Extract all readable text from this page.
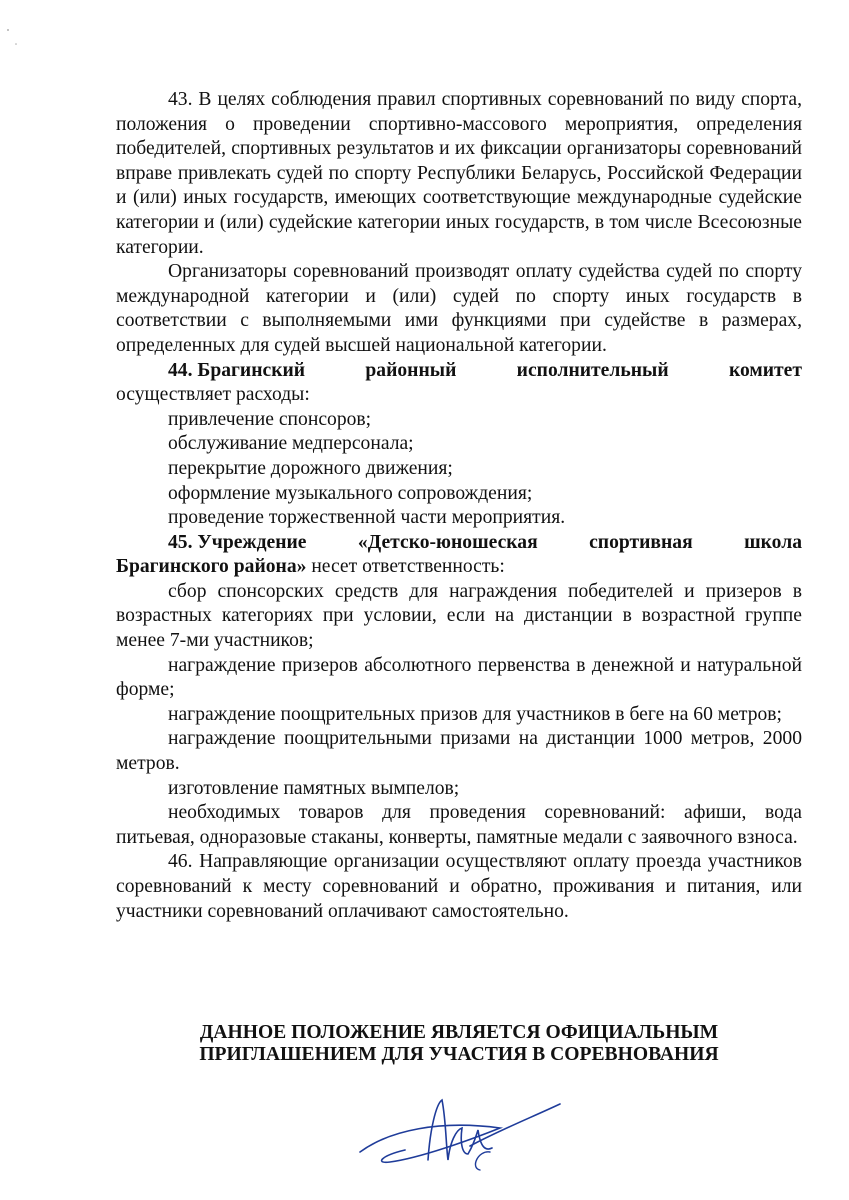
43. В целях соблюдения правил спортивных соревнований по виду спорта, положения о проведении спортивно-массового мероприятия, определения победителей, спортивных результатов и их фиксации организаторы соревнований вправе привлекать судей по спорту Республики Беларусь, Российской Федерации и (или) иных государств, имеющих соответствующие международные судейские категории и (или) судейские категории иных государств, в том числе Всесоюзные категории.

Организаторы соревнований производят оплату судейства судей по спорту международной категории и (или) судей по спорту иных государств в соответствии с выполняемыми ими функциями при судействе в размерах, определенных для судей высшей национальной категории.

44. Брагинский	районный	исполнительный	комитет

осуществляет расходы:

привлечение спонсоров;

обслуживание медперсонала;

перекрытие дорожного движения;

оформление музыкального сопровождения;

проведение торжественной части мероприятия.

45. Учреждение	«Детско-юношеская	спортивная	школа

Брагинского района» несет ответственность:

сбор спонсорских средств для награждения победителей и призеров в возрастных категориях при условии, если на дистанции в возрастной группе менее 7-ми участников;

награждение призеров абсолютного первенства в денежной и натуральной форме;

награждение поощрительных призов для участников в беге на 60 метров;

награждение поощрительными призами на дистанции 1000 метров, 2000 метров.

изготовление памятных вымпелов;

необходимых товаров для проведения соревнований: афиши, вода питьевая, одноразовые стаканы, конверты, памятные медали с заявочного взноса.

46. Направляющие организации осуществляют оплату проезда участников соревнований к месту соревнований и обратно, проживания и питания, или участники соревнований оплачивают самостоятельно.

ДАННОЕ ПОЛОЖЕНИЕ ЯВЛЯЕТСЯ ОФИЦИАЛЬНЫМ
ПРИГЛАШЕНИЕМ ДЛЯ УЧАСТИЯ В СОРЕВНОВАНИЯ
